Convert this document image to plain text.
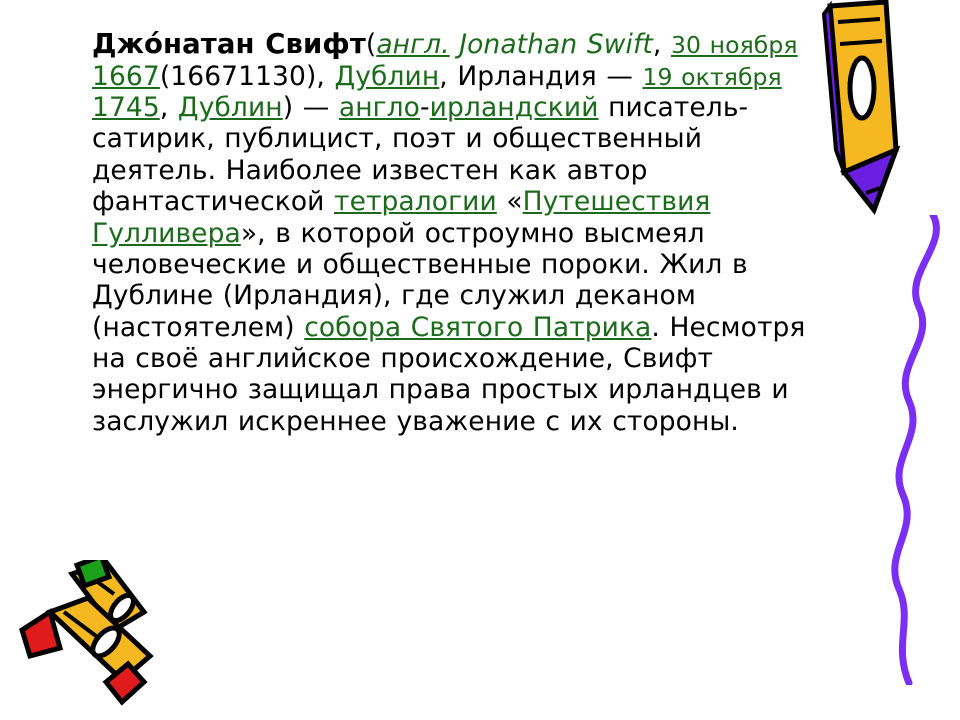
Джо́натан Свифт(англ. Jonathan Swift, 30 ноября 1667(16671130), Дублин, Ирландия — 19 октября 1745, Дублин) — англо-ирландский писатель-сатирик, публицист, поэт и общественный деятель. Наиболее известен как автор фантастической тетралогии «Путешествия Гулливера», в которой остроумно высмеял человеческие и общественные пороки. Жил в Дублине (Ирландия), где служил деканом (настоятелем) собора Святого Патрика. Несмотря на своё английское происхождение, Свифт энергично защищал права простых ирландцев и заслужил искреннее уважение с их стороны.
